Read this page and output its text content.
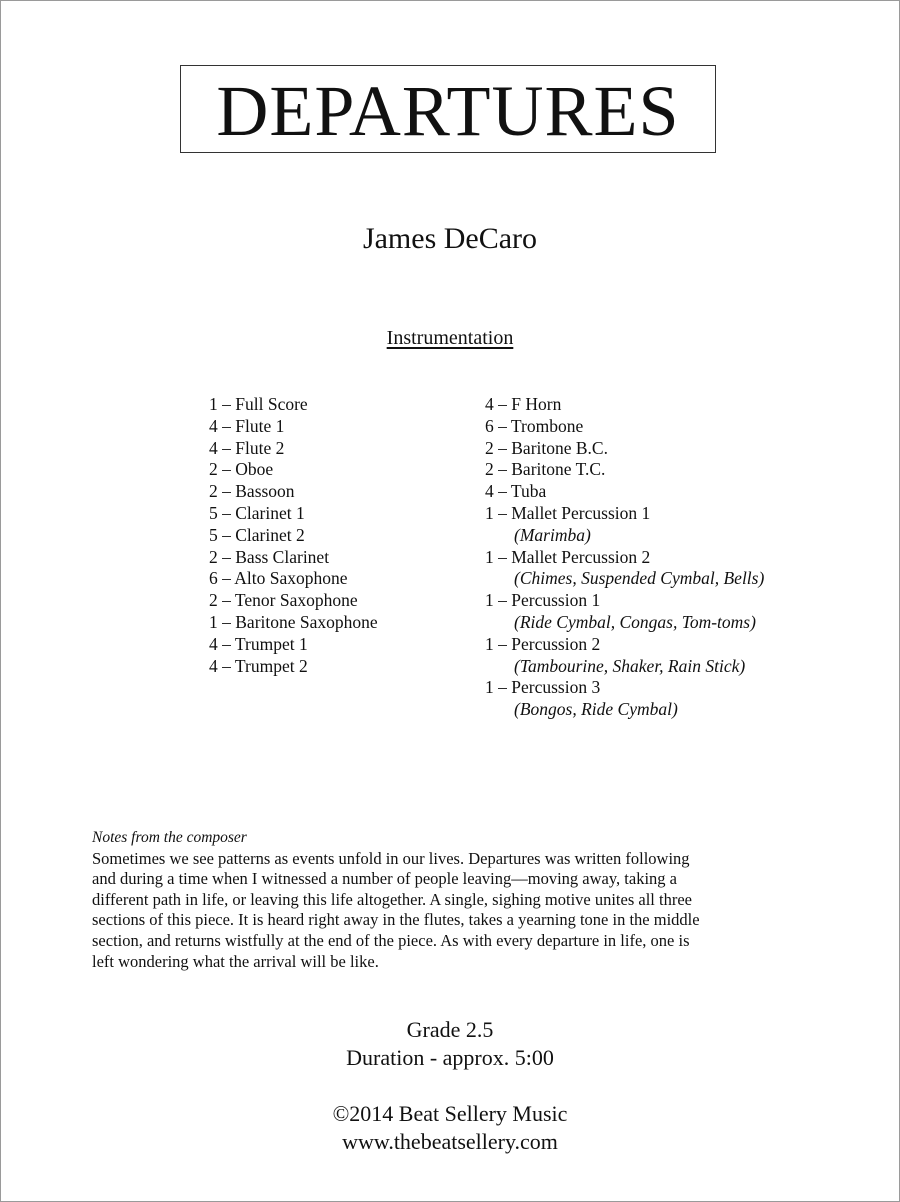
DEPARTURES
James DeCaro
Instrumentation
1 – Full Score
4 – Flute 1
4 – Flute 2
2 – Oboe
2 – Bassoon
5 – Clarinet 1
5 – Clarinet 2
2 – Bass Clarinet
6 – Alto Saxophone
2 – Tenor Saxophone
1 – Baritone Saxophone
4 – Trumpet 1
4 – Trumpet 2
4 – F Horn
6 – Trombone
2 – Baritone B.C.
2 – Baritone T.C.
4 – Tuba
1 – Mallet Percussion 1
(Marimba)
1 – Mallet Percussion 2
(Chimes, Suspended Cymbal, Bells)
1 – Percussion 1
(Ride Cymbal, Congas, Tom-toms)
1 – Percussion 2
(Tambourine, Shaker, Rain Stick)
1 – Percussion 3
(Bongos, Ride Cymbal)
Notes from the composer
Sometimes we see patterns as events unfold in our lives. Departures was written following
and during a time when I witnessed a number of people leaving—moving away, taking a
different path in life, or leaving this life altogether. A single, sighing motive unites all three
sections of this piece. It is heard right away in the flutes, takes a yearning tone in the middle
section, and returns wistfully at the end of the piece. As with every departure in life, one is
left wondering what the arrival will be like.
Grade 2.5
Duration - approx. 5:00
©2014 Beat Sellery Music
www.thebeatsellery.com
